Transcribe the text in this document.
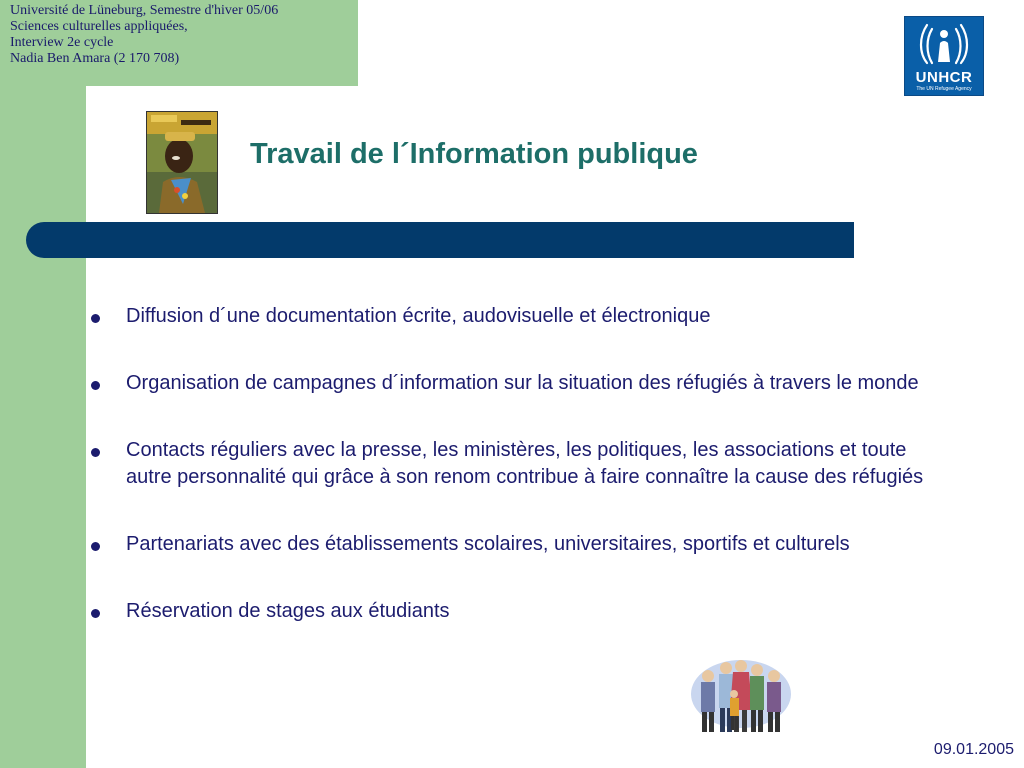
Université de Lüneburg, Semestre d'hiver 05/06
Sciences culturelles appliquées,
Interview 2e cycle
Nadia Ben Amara (2 170 708)
UNHCR
The UN Refugee Agency
Travail de l´Information publique
Diffusion d´une documentation écrite, audovisuelle et électronique
Organisation de campagnes d´information sur la situation des réfugiés à travers le monde
Contacts réguliers avec la presse, les ministères, les politiques, les associations et toute autre personnalité qui grâce à son renom contribue à faire connaître la cause des réfugiés
Partenariats avec des établissements scolaires, universitaires, sportifs et culturels
Réservation de stages aux étudiants
09.01.2005
